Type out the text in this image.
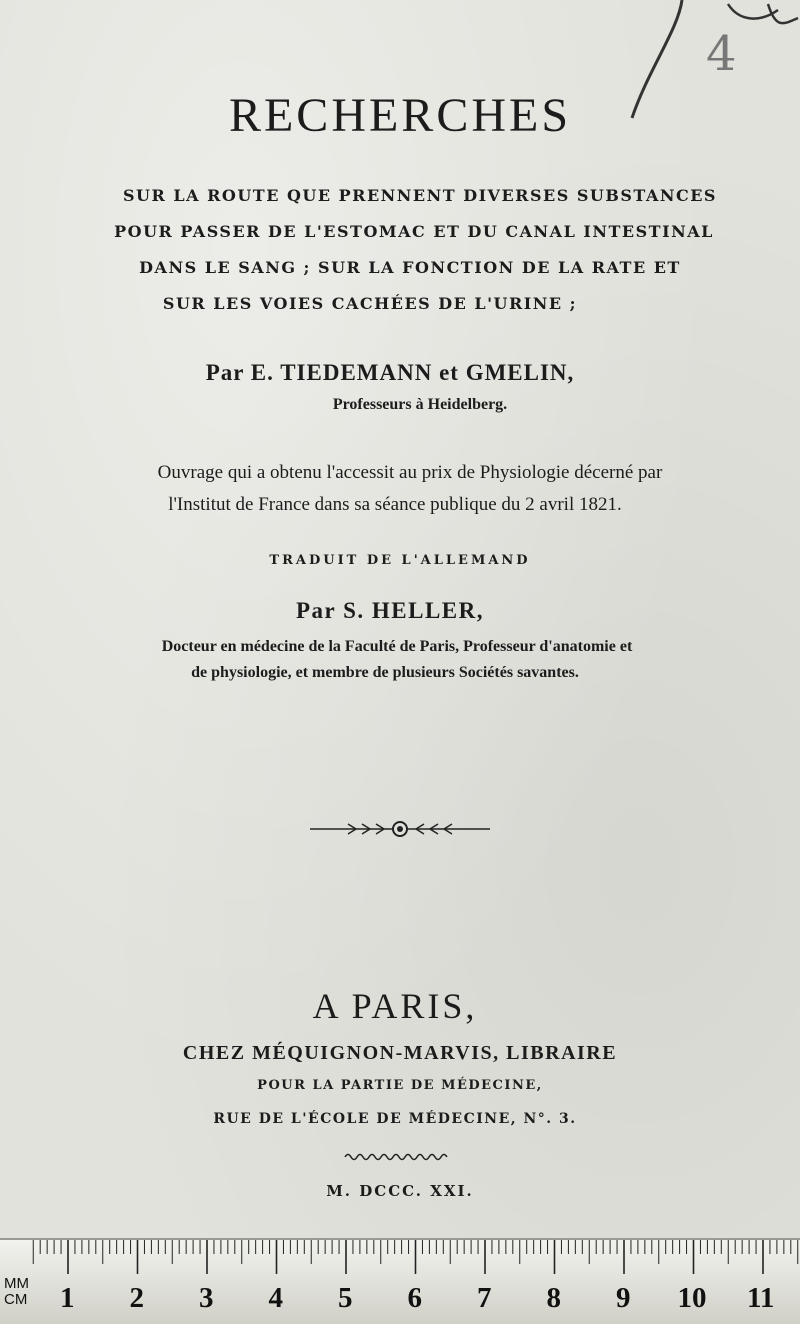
4
RECHERCHES
SUR LA ROUTE QUE PRENNENT DIVERSES SUBSTANCES
POUR PASSER DE L'ESTOMAC ET DU CANAL INTESTINAL
DANS LE SANG ; SUR LA FONCTION DE LA RATE ET
SUR LES VOIES CACHÉES DE L'URINE ;
Par E. TIEDEMANN et GMELIN,
Professeurs à Heidelberg.
Ouvrage qui a obtenu l'accessit au prix de Physiologie décerné par
l'Institut de France dans sa séance publique du 2 avril 1821.
TRADUIT DE L'ALLEMAND
Par S. HELLER,
Docteur en médecine de la Faculté de Paris, Professeur d'anatomie et
de physiologie, et membre de plusieurs Sociétés savantes.
A PARIS,
CHEZ MÉQUIGNON-MARVIS, LIBRAIRE
POUR LA PARTIE DE MÉDECINE,
RUE DE L'ÉCOLE DE MÉDECINE, N°. 3.
M. DCCC. XXI.
MM
CM 1 2 3 4 5 6 7 8 9 10 11
